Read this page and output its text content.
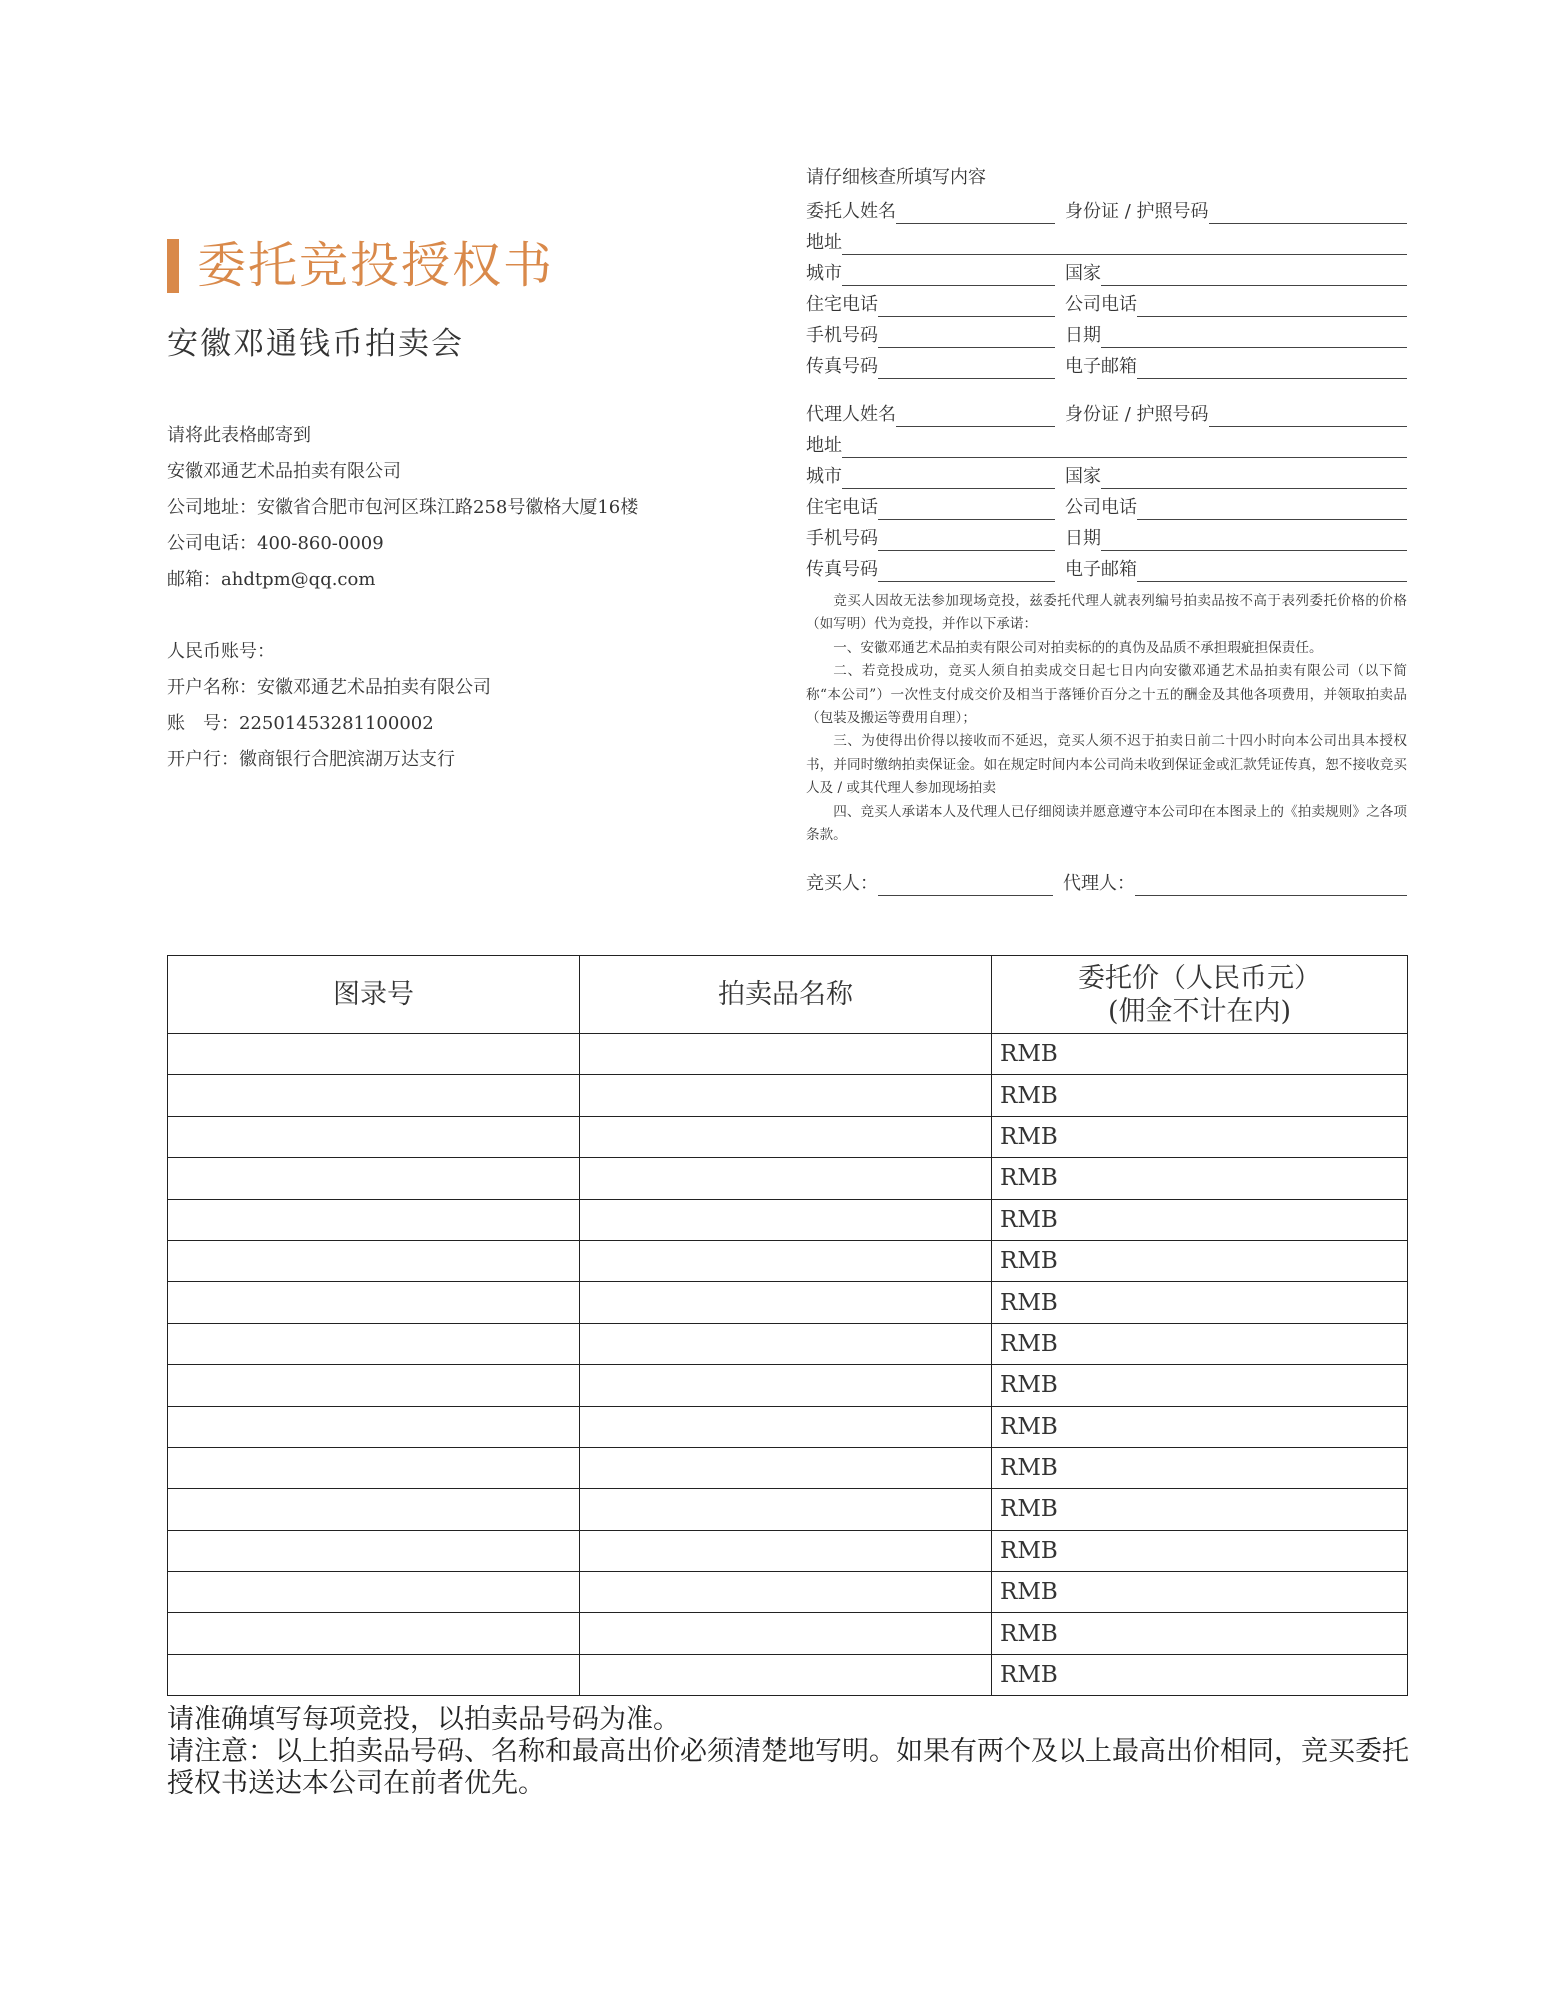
委托竞投授权书
安徽邓通钱币拍卖会
请将此表格邮寄到
安徽邓通艺术品拍卖有限公司
公司地址：安徽省合肥市包河区珠江路258号徽格大厦16楼
公司电话：400-860-0009
邮箱：ahdtpm@qq.com
人民币账号：
开户名称：安徽邓通艺术品拍卖有限公司
账　号：22501453281100002
开户行：徽商银行合肥滨湖万达支行
请仔细核查所填写内容
委托人姓名	身份证 / 护照号码
地址
城市	国家
住宅电话	公司电话
手机号码	日期
传真号码	电子邮箱
代理人姓名	身份证 / 护照号码
地址
城市	国家
住宅电话	公司电话
手机号码	日期
传真号码	电子邮箱

竞买人因故无法参加现场竞投，兹委托代理人就表列编号拍卖品按不高于表列委托价格的价格（如写明）代为竞投，并作以下承诺：

一、安徽邓通艺术品拍卖有限公司对拍卖标的的真伪及品质不承担瑕疵担保责任。

二、若竞投成功，竞买人须自拍卖成交日起七日内向安徽邓通艺术品拍卖有限公司（以下简称“本公司”）一次性支付成交价及相当于落锤价百分之十五的酬金及其他各项费用，并领取拍卖品（包装及搬运等费用自理）；

三、为使得出价得以接收而不延迟，竞买人须不迟于拍卖日前二十四小时向本公司出具本授权书，并同时缴纳拍卖保证金。如在规定时间内本公司尚未收到保证金或汇款凭证传真，恕不接收竞买人及 / 或其代理人参加现场拍卖

四、竞买人承诺本人及代理人已仔细阅读并愿意遵守本公司印在本图录上的《拍卖规则》之各项条款。

竞买人：	代理人：
图录号	拍卖品名称	委托价（人民币元）
(佣金不计在内)

		RMB
		RMB
		RMB
		RMB
		RMB
		RMB
		RMB
		RMB
		RMB
		RMB
		RMB
		RMB
		RMB
		RMB
		RMB
		RMB
请准确填写每项竞投，以拍卖品号码为准。
请注意：以上拍卖品号码、名称和最高出价必须清楚地写明。如果有两个及以上最高出价相同，竞买委托授权书送达本公司在前者优先。
